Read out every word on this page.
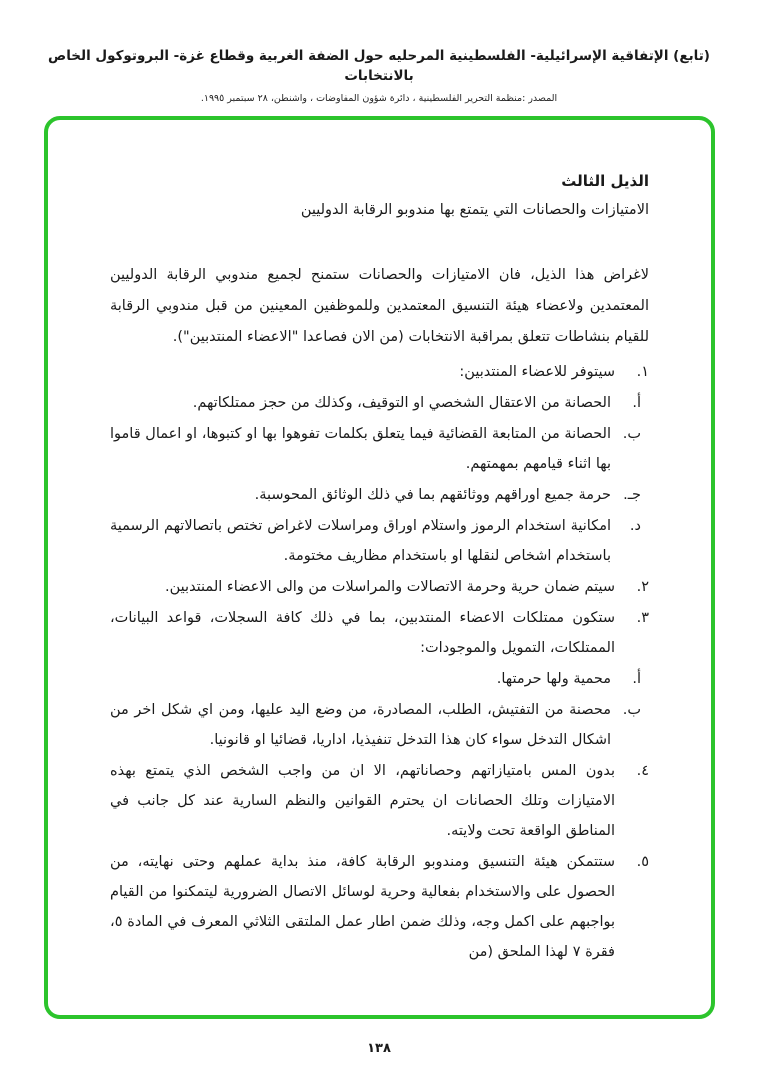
(تابع) الإتفاقية الإسرائيلية- الفلسطينية المرحليه حول الضفة الغربية وقطاع غزة- البروتوكول الخاص بالانتخابات
المصدر :منظمة التحرير الفلسطينية ، دائرة شؤون المفاوضات ، واشنطن، ٢٨ سبتمبر ١٩٩٥.
الذيل الثالث
الامتيازات والحصانات التي يتمتع بها مندوبو الرقابة الدوليين

لاغراض هذا الذيل، فان الامتيازات والحصانات ستمنح لجميع مندوبي الرقابة الدوليين المعتمدين ولاعضاء هيئة التنسيق المعتمدين وللموظفين المعينين من قبل مندوبي الرقابة للقيام بنشاطات تتعلق بمراقبة الانتخابات (من الان فصاعدا "الاعضاء المنتدبين").

١.
سيتوفر للاعضاء المنتدبين:
أ.
الحصانة من الاعتقال الشخصي او التوقيف، وكذلك من حجز ممتلكاتهم.
ب.
الحصانة من المتابعة القضائية فيما يتعلق بكلمات تفوهوا بها او كتبوها، او اعمال قاموا بها اثناء قيامهم بمهمتهم.
جـ.
حرمة جميع اوراقهم ووثائقهم بما في ذلك الوثائق المحوسبة.
د.
امكانية استخدام الرموز واستلام اوراق ومراسلات لاغراض تختص باتصالاتهم الرسمية باستخدام اشخاص لنقلها او باستخدام مظاريف مختومة.
٢.
سيتم ضمان حرية وحرمة الاتصالات والمراسلات من والى الاعضاء المنتدبين.
٣.
ستكون ممتلكات الاعضاء المنتدبين، بما في ذلك كافة السجلات، قواعد البيانات، الممتلكات، التمويل والموجودات:
أ.
محمية ولها حرمتها.
ب.
محصنة من التفتيش، الطلب، المصادرة، من وضع اليد عليها، ومن اي شكل اخر من اشكال التدخل سواء كان هذا التدخل تنفيذيا، اداريا، قضائيا او قانونيا.
٤.
بدون المس بامتيازاتهم وحصاناتهم، الا ان من واجب الشخص الذي يتمتع بهذه الامتيازات وتلك الحصانات ان يحترم القوانين والنظم السارية عند كل جانب في المناطق الواقعة تحت ولايته.
٥.
ستتمكن هيئة التنسيق ومندوبو الرقابة كافة، منذ بداية عملهم وحتى نهايته، من الحصول على والاستخدام بفعالية وحرية لوسائل الاتصال الضرورية ليتمكنوا من القيام بواجبهم على اكمل وجه، وذلك ضمن اطار عمل الملتقى الثلاثي المعرف في المادة ٥، فقرة ٧ لهذا الملحق (من
١٣٨
